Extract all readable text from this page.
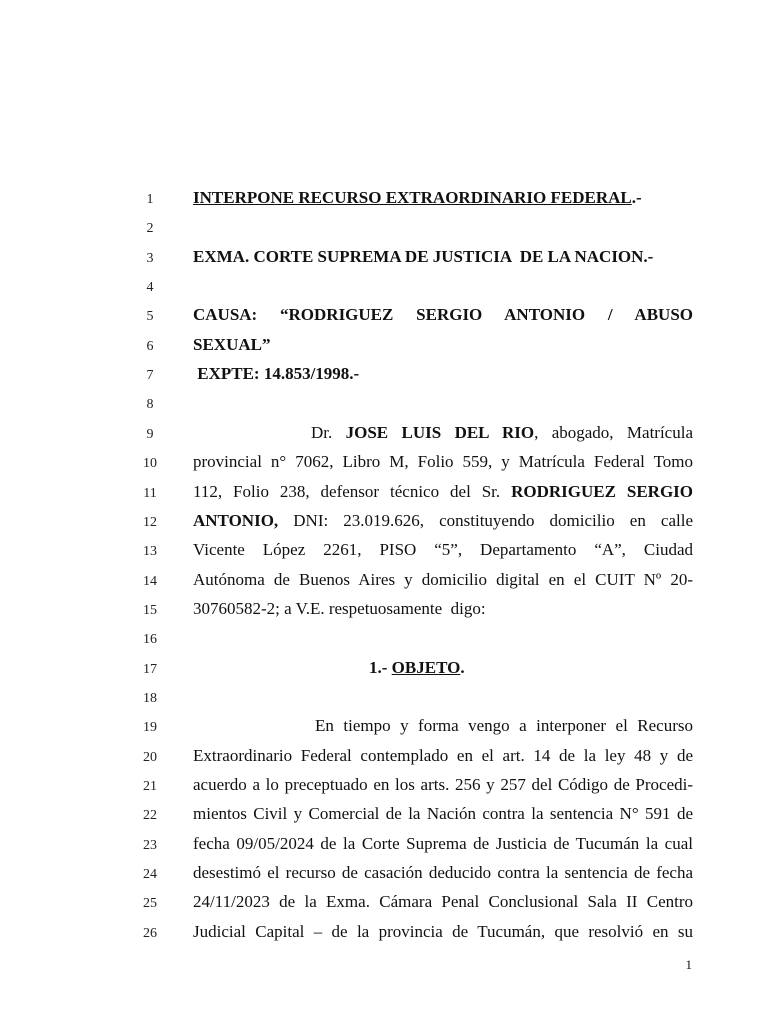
1	INTERPONE RECURSO EXTRAORDINARIO FEDERAL.-
2
3	EXMA. CORTE SUPREMA DE JUSTICIA  DE LA NACION.-
4
5	CAUSA: “RODRIGUEZ SERGIO ANTONIO / ABUSO
6	SEXUAL”
7	EXPTE: 14.853/1998.-
8
9	Dr. JOSE LUIS DEL RIO, abogado, Matrícula
10	provincial n° 7062, Libro M, Folio 559, y Matrícula Federal Tomo
11	112, Folio 238, defensor técnico del Sr. RODRIGUEZ SERGIO
12	ANTONIO, DNI: 23.019.626, constituyendo domicilio en calle
13	Vicente López 2261, PISO “5”, Departamento “A”, Ciudad
14	Autónoma de Buenos Aires y domicilio digital en el CUIT Nº 20-
15	30760582-2; a V.E. respetuosamente  digo:
16
17	1.- OBJETO.
18
19	En tiempo y forma vengo a interponer el Recurso
20	Extraordinario Federal contemplado en el art. 14 de la ley 48 y de
21	acuerdo a lo preceptuado en los arts. 256 y 257 del Código de Procedi-
22	mientos Civil y Comercial de la Nación contra la sentencia N° 591 de
23	fecha 09/05/2024 de la Corte Suprema de Justicia de Tucumán la cual
24	desestimó el recurso de casación deducido contra la sentencia de fecha
25	24/11/2023 de la Exma. Cámara Penal Conclusional Sala II Centro
26	Judicial Capital – de la provincia de Tucumán, que resolvió en su
1
